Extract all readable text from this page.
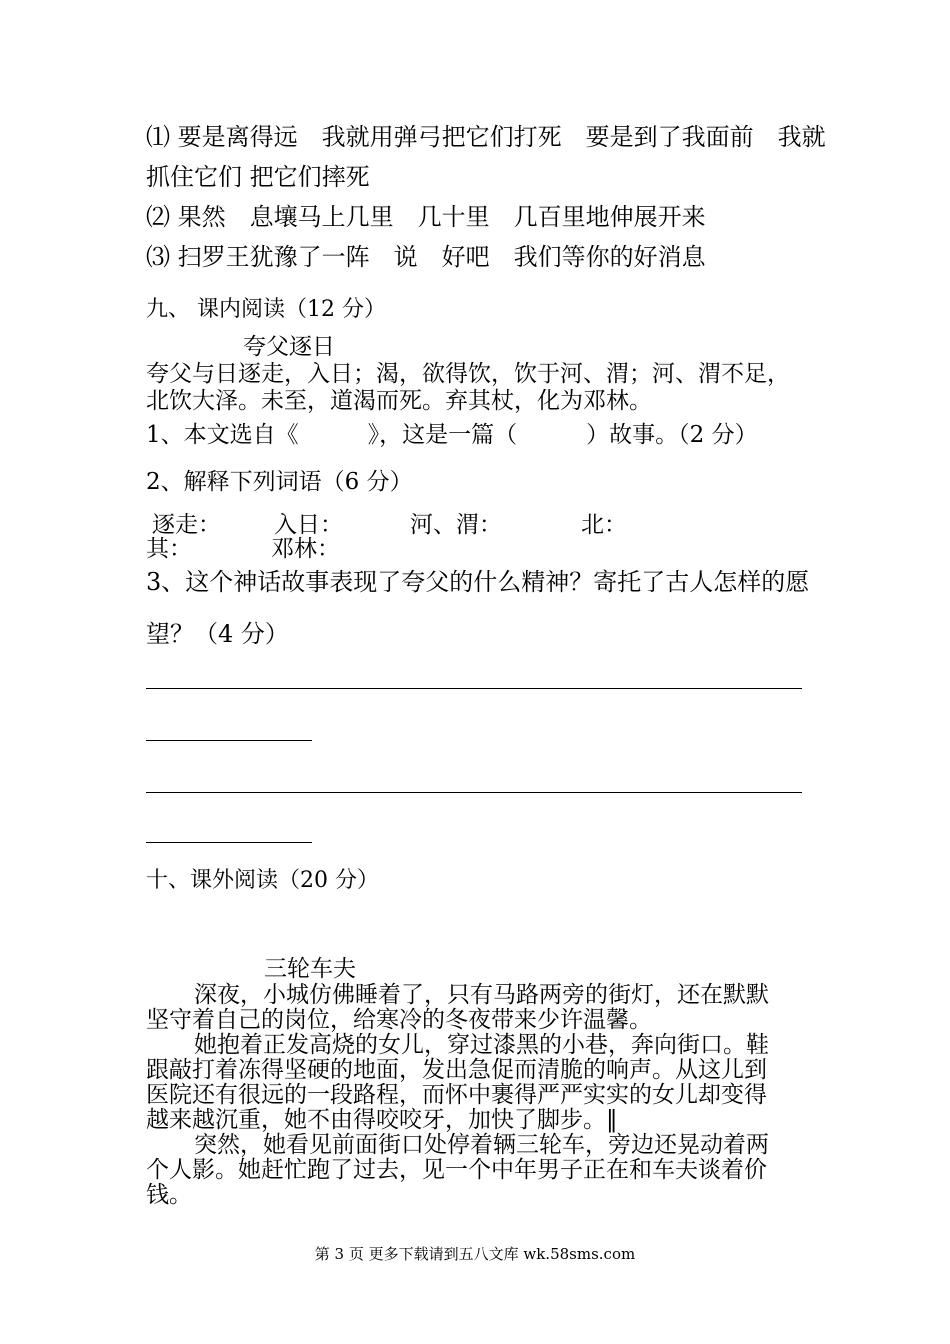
⑴ 要是离得远　我就用弹弓把它们打死　要是到了我面前　我就
抓住它们 把它们摔死
⑵ 果然　息壤马上几里　几十里　几百里地伸展开来
⑶ 扫罗王犹豫了一阵　说　好吧　我们等你的好消息
九、 课内阅读（12 分）
夸父逐日
夸父与日逐走，入日；渴，欲得饮，饮于河、渭；河、渭不足，
北饮大泽。未至，道渴而死。弃其杖，化为邓林。
1、本文选自《　　　》，这是一篇（　　　）故事。（2 分）
2、解释下列词语（6 分）
逐走： 入日：	河、渭：	北：
其：	邓林：
3、这个神话故事表现了夸父的什么精神？寄托了古人怎样的愿
望？（4 分）
十、课外阅读（20 分）
三轮车夫
深夜，小城仿佛睡着了，只有马路两旁的街灯，还在默默
坚守着自己的岗位，给寒冷的冬夜带来少许温馨。
她抱着正发高烧的女儿，穿过漆黑的小巷，奔向街口。鞋
跟敲打着冻得坚硬的地面，发出急促而清脆的响声。从这儿到
医院还有很远的一段路程，而怀中裹得严严实实的女儿却变得
越来越沉重，她不由得咬咬牙，加快了脚步。‖
突然，她看见前面街口处停着辆三轮车，旁边还晃动着两
个人影。她赶忙跑了过去，见一个中年男子正在和车夫谈着价
钱。
第 3 页 更多下载请到五八文库 wk.58sms.com
